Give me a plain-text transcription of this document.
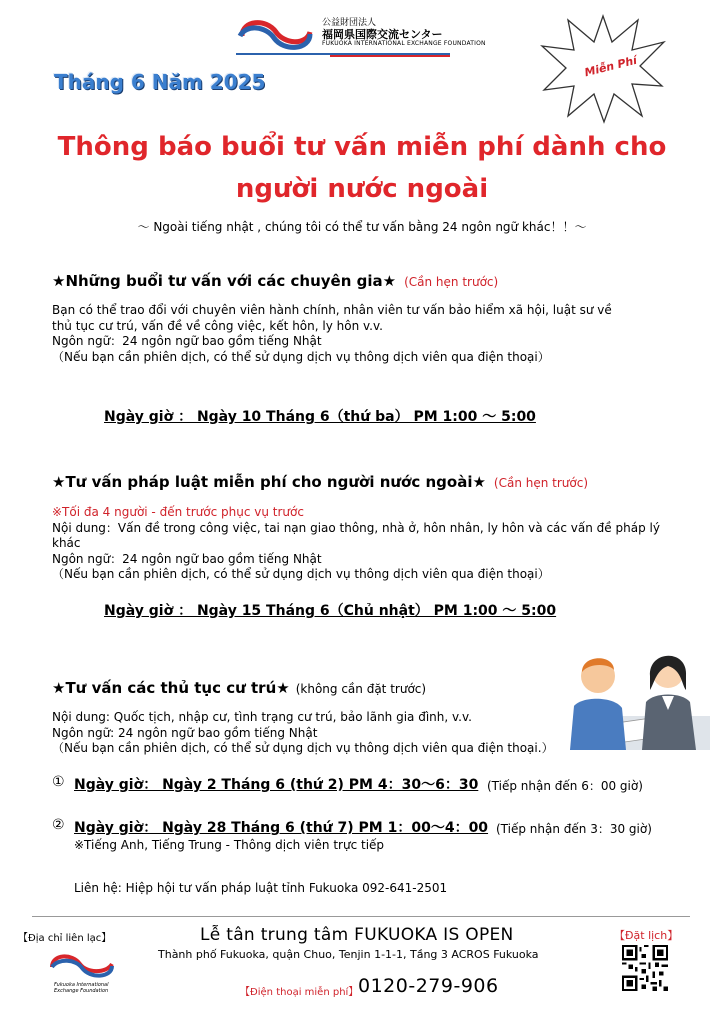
公益財団法人
福岡県国際交流センター
FUKUOKA INTERNATIONAL EXCHANGE FOUNDATION
Tháng 6 Năm 2025
Miễn Phí
Thông báo buổi tư vấn miễn phí dành cho
người nước ngoài
～ Ngoài tiếng nhật , chúng tôi có thể tư vấn bằng 24 ngôn ngữ khác！！～
★Những buổi tư vấn với các chuyên gia★ (Cần hẹn trước)
Bạn có thể trao đổi với chuyên viên hành chính, nhân viên tư vấn bảo hiểm xã hội, luật sư về
thủ tục cư trú, vấn đề về công việc, kết hôn, ly hôn v.v.
Ngôn ngữ：24 ngôn ngữ bao gồm tiếng Nhật
（Nếu bạn cần phiên dịch, có thể sử dụng dịch vụ thông dịch viên qua điện thoại）
Ngày giờ ： Ngày 10 Tháng 6（thứ ba） PM 1:00 ～ 5:00
★Tư vấn pháp luật miễn phí cho người nước ngoài★ (Cần hẹn trước)
※Tối đa 4 người - đến trước phục vụ trước
Nội dung：Vấn đề trong công việc, tai nạn giao thông, nhà ở, hôn nhân, ly hôn và các vấn đề pháp lý khác
Ngôn ngữ：24 ngôn ngữ bao gồm tiếng Nhật
（Nếu bạn cần phiên dịch, có thể sử dụng dịch vụ thông dịch viên qua điện thoại）
Ngày giờ ： Ngày 15 Tháng 6（Chủ nhật） PM 1:00 ～ 5:00
★Tư vấn các thủ tục cư trú★ (không cần đặt trước)
Nội dung: Quốc tịch, nhập cư, tình trạng cư trú, bảo lãnh gia đình, v.v.
Ngôn ngữ: 24 ngôn ngữ bao gồm tiếng Nhật
（Nếu bạn cần phiên dịch, có thể sử dụng dịch vụ thông dịch viên qua điện thoại.）
① Ngày giờ： Ngày 2 Tháng 6 (thứ 2) PM 4：30～6：30 (Tiếp nhận đến 6：00 giờ)
② Ngày giờ： Ngày 28 Tháng 6 (thứ 7) PM 1：00～4：00 (Tiếp nhận đến 3：30 giờ)
※Tiếng Anh, Tiếng Trung - Thông dịch viên trực tiếp
Liên hệ: Hiệp hội tư vấn pháp luật tỉnh Fukuoka 092-641-2501
【Địa chỉ liên lạc】	【Đặt lịch】
Lễ tân trung tâm FUKUOKA IS OPEN
Thành phố Fukuoka, quận Chuo, Tenjin 1-1-1, Tầng 3 ACROS Fukuoka
Fukuoka International Exchange Foundation	【Điện thoại miễn phí】 0120-279-906
